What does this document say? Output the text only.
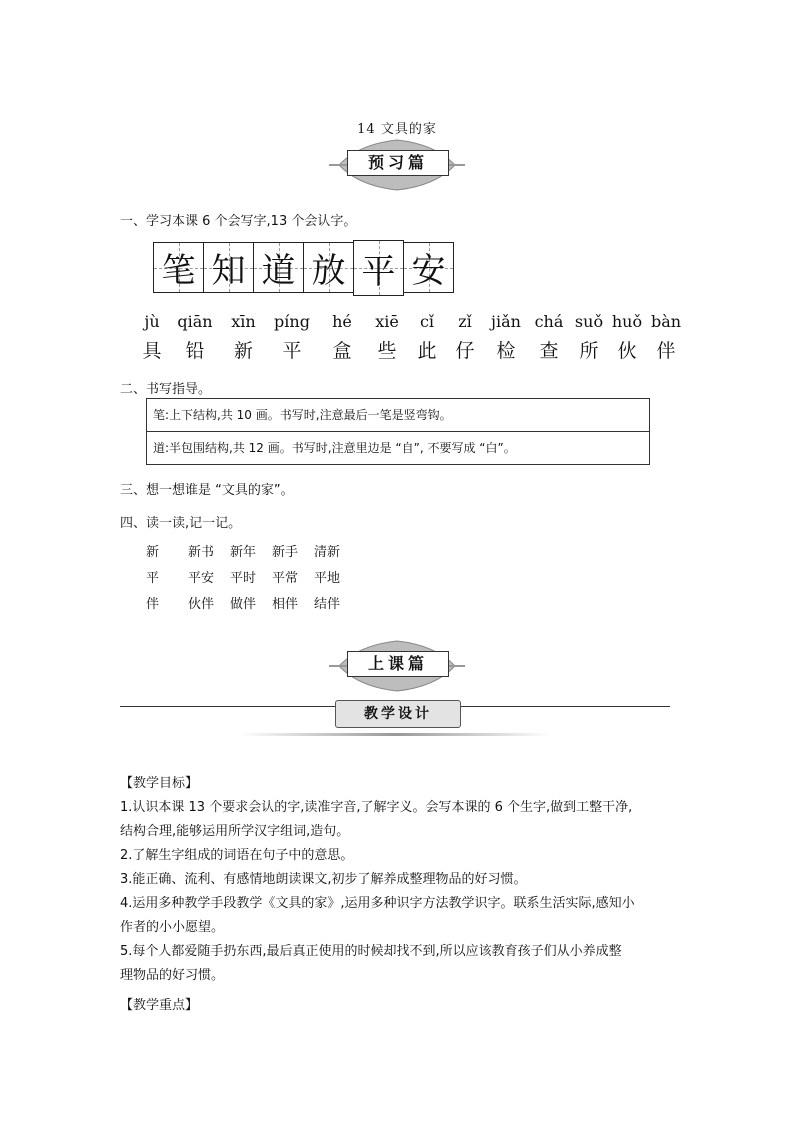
14 文具的家
预习篇
一、学习本课 6 个会写字,13 个会认字。
笔 知 道 放 平 安
jù	qiān	xīn	píng	hé	xiē	cǐ	zǐ	jiǎn chá suǒ huǒ bàn
具	铅	新	平	盒	些	此 仔	检	查	所 伙	伴
二、书写指导。
笔:上下结构,共 10 画。书写时,注意最后一笔是竖弯钩。
道:半包围结构,共 12 画。书写时,注意里边是 “自”, 不要写成 “白”。
三、想一想谁是 “文具的家”。
四、读一读,记一记。
新 新书 新年 新手 清新
平 平安 平时 平常 平地
伴 伙伴 做伴 相伴 结伴
上课篇
教学设计
【教学目标】
1.认识本课 13 个要求会认的字,读准字音,了解字义。会写本课的 6 个生字,做到工整干净,
结构合理,能够运用所学汉字组词,造句。
2.了解生字组成的词语在句子中的意思。
3.能正确、流利、有感情地朗读课文,初步了解养成整理物品的好习惯。
4.运用多种教学手段教学《文具的家》,运用多种识字方法教学识字。联系生活实际,感知小
作者的小小愿望。
5.每个人都爱随手扔东西,最后真正使用的时候却找不到,所以应该教育孩子们从小养成整
理物品的好习惯。
【教学重点】
